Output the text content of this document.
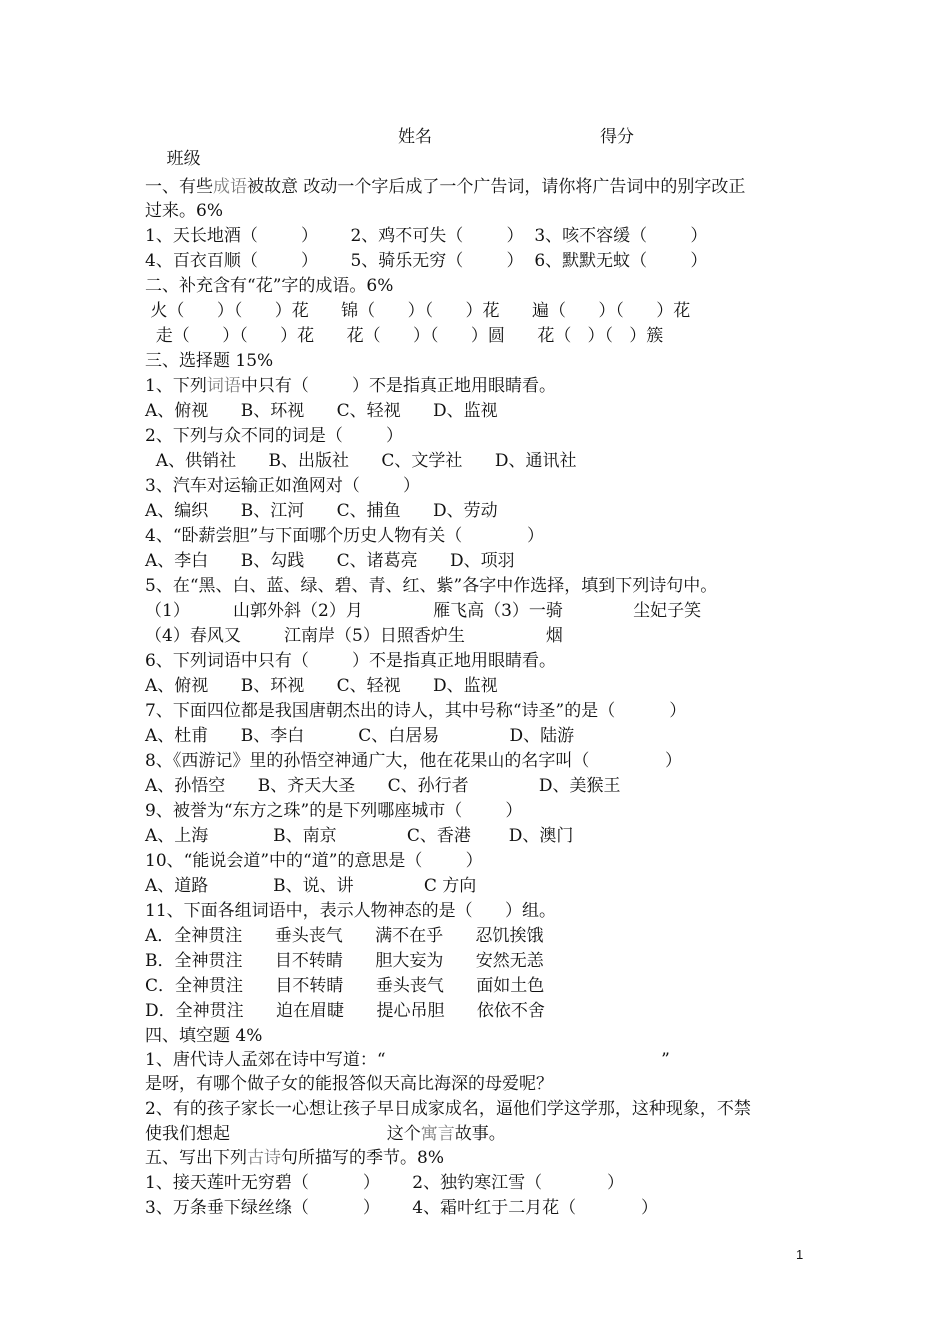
班级

姓名	得分
一、有些成语被故意 改动一个字后成了一个广告词，请你将广告词中的别字改正
过来。6%
1、天长地酒（        ）      2、鸡不可失（        ）  3、咳不容缓（        ）
4、百衣百顺（        ）      5、骑乐无穷（        ）  6、默默无蚊（        ）
二、补充含有“花”字的成语。6%
火（      ）（      ）花      锦（      ）（      ）花      遍（      ）（      ）花
走（      ）（      ）花      花（      ）（      ）圆      花（   ）（   ）簇
三、选择题 15%
1、下列词语中只有（        ）不是指真正地用眼睛看。
A、俯视      B、环视      C、轻视      D、监视
2、下列与众不同的词是（        ）
A、供销社      B、出版社      C、文学社      D、通讯社
3、汽车对运输正如渔网对（        ）
A、编织      B、江河      C、捕鱼      D、劳动
4、“卧薪尝胆”与下面哪个历史人物有关（            ）
A、李白      B、勾践      C、诸葛亮      D、项羽
5、在“黑、白、蓝、绿、碧、青、红、紫”各字中作选择，填到下列诗句中。
（1）        山郭外斜（2）月             雁飞高（3）一骑             尘妃子笑
（4）春风又        江南岸（5）日照香炉生               烟
6、下列词语中只有（        ）不是指真正地用眼睛看。
A、俯视      B、环视      C、轻视      D、监视
7、下面四位都是我国唐朝杰出的诗人，其中号称“诗圣”的是（          ）
A、杜甫      B、李白          C、白居易             D、陆游
8、《西游记》里的孙悟空神通广大，他在花果山的名字叫（              ）
A、孙悟空      B、齐天大圣      C、孙行者             D、美猴王
9、被誉为“东方之珠”的是下列哪座城市（        ）
A、上海            B、南京             C、香港       D、澳门
10、“能说会道”中的“道”的意思是（        ）
A、道路            B、说、讲             C 方向
11、下面各组词语中，表示人物神态的是（      ）组。
A．全神贯注      垂头丧气      满不在乎      忍饥挨饿
B．全神贯注      目不转睛      胆大妄为      安然无恙
C．全神贯注      目不转睛      垂头丧气      面如土色
D．全神贯注      迫在眉睫      提心吊胆      依依不舍
四、填空题 4%
1、唐代诗人孟郊在诗中写道：“                                                   ”
是呀，有哪个做子女的能报答似天高比海深的母爱呢？
2、有的孩子家长一心想让孩子早日成家成名，逼他们学这学那，这种现象，不禁
使我们想起                             这个寓言故事。
五、写出下列古诗句所描写的季节。8%
1、接天莲叶无穷碧（          ）      2、独钓寒江雪（            ）
3、万条垂下绿丝绦（          ）      4、霜叶红于二月花（            ）
1
